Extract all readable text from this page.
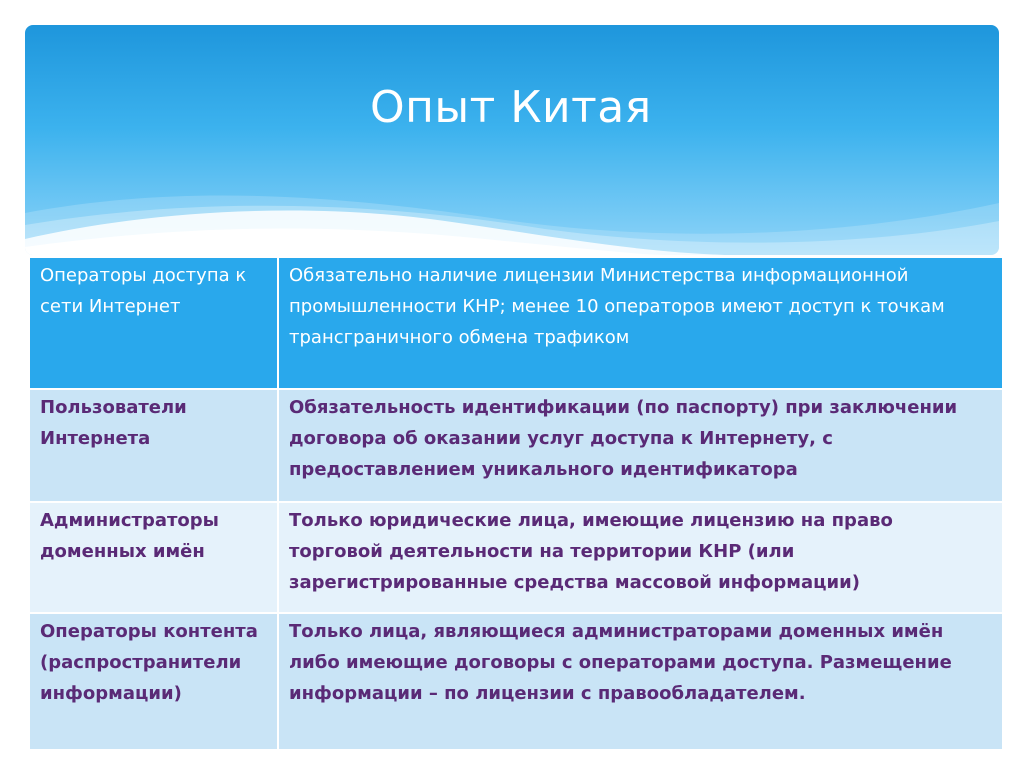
Опыт Китая
Операторы доступа к сети Интернет	Обязательно наличие лицензии Министерства информационной промышленности КНР; менее 10 операторов имеют доступ к точкам трансграничного обмена трафиком
Пользователи Интернета	Обязательность идентификации (по паспорту) при заключении договора об оказании услуг доступа к Интернету, с предоставлением уникального идентификатора
Администраторы доменных имён	Только юридические лица, имеющие лицензию на право торговой деятельности на территории КНР (или зарегистрированные средства массовой информации)
Операторы контента (распространители информации)	Только лица, являющиеся администраторами доменных имён либо имеющие договоры с операторами доступа. Размещение информации – по лицензии с правообладателем.
